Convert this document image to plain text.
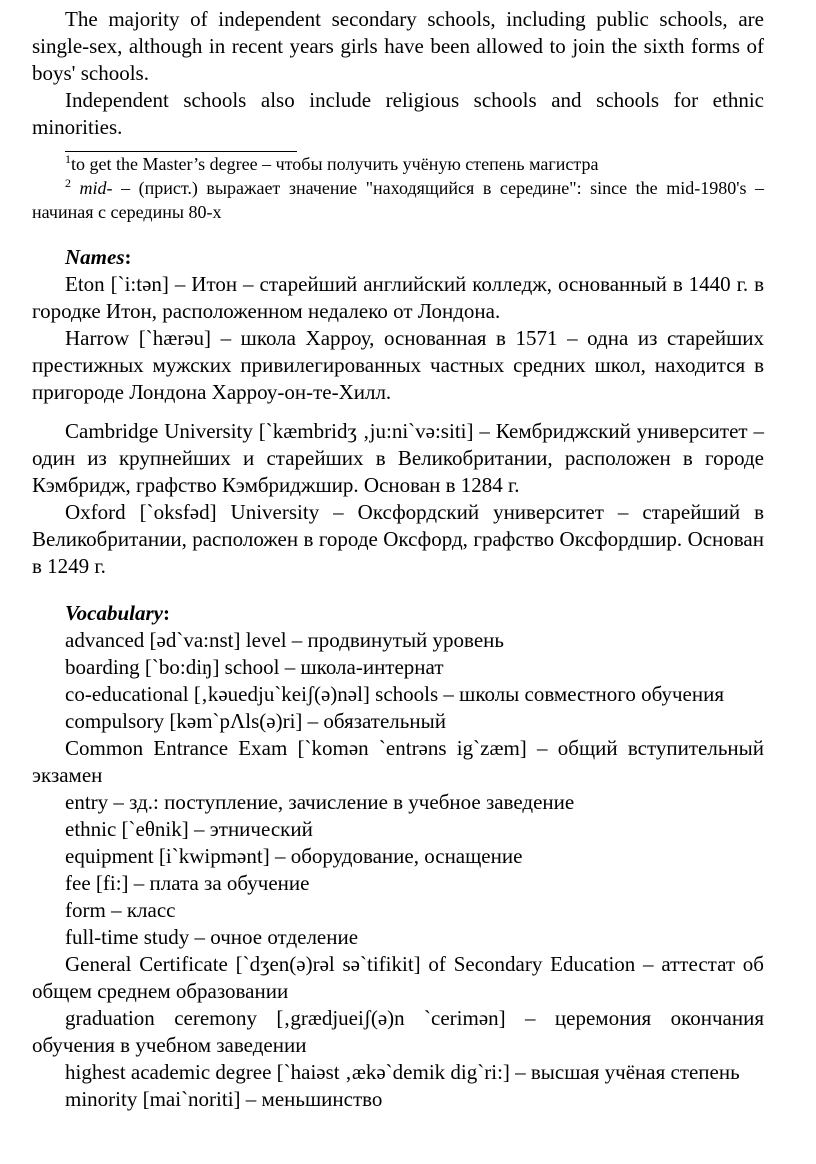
The majority of independent secondary schools, including public schools, are single-sex, although in recent years girls have been allowed to join the sixth forms of boys' schools.

Independent schools also include religious schools and schools for ethnic minorities.

$^1$to get the Master’s degree – чтобы получить учёную степень магистра

$^2$ mid- – (прист.) выражает значение "находящийся в середине": since the mid-1980's – начиная с середины 80-х

Names:

Eton [`i:tən] – Итон – старейший английский колледж, основанный в 1440 г. в городке Итон, расположенном недалеко от Лондона.

Harrow [`hærəu] – школа Харроу, основанная в 1571 – одна из старейших престижных мужских привилегированных частных средних школ, находится в пригороде Лондона Харроу-он-те-Хилл.

Cambridge University [`kæmbridʒ ‚ju:ni`və:siti] – Кембриджский университет – один из крупнейших и старейших в Великобритании, расположен в городе Кэмбридж, графство Кэмбриджшир. Основан в 1284 г.

Oxford [`oksfəd] University – Оксфордский университет – старейший в Великобритании, расположен в городе Оксфорд, графство Оксфордшир. Основан в 1249 г.

Vocabulary:

advanced [əd`va:nst] level – продвинутый уровень

boarding [`bo:diŋ] school – школа-интернат

co-educational [‚kəuedju`keiʃ(ə)nəl] schools – школы совместного обучения

compulsory [kəm`pΛls(ə)ri] – обязательный

Common Entrance Exam [`komən `entrəns ig`zæm] – общий вступительный экзамен

entry – зд.: поступление, зачисление в учебное заведение

ethnic [`eθnik] – этнический

equipment [i`kwipmənt] – оборудование, оснащение

fee [fi:] – плата за обучение

form – класс

full-time study – очное отделение

General Certificate [`dʒen(ə)rəl sə`tifikit] of Secondary Education – аттестат об общем среднем образовании

graduation ceremony [‚grædjueiʃ(ə)n `cerimən] – церемония окончания обучения в учебном заведении

highest academic degree [`haiəst ‚ækə`demik dig`ri:] – высшая учёная степень

minority [mai`noriti] – меньшинство
